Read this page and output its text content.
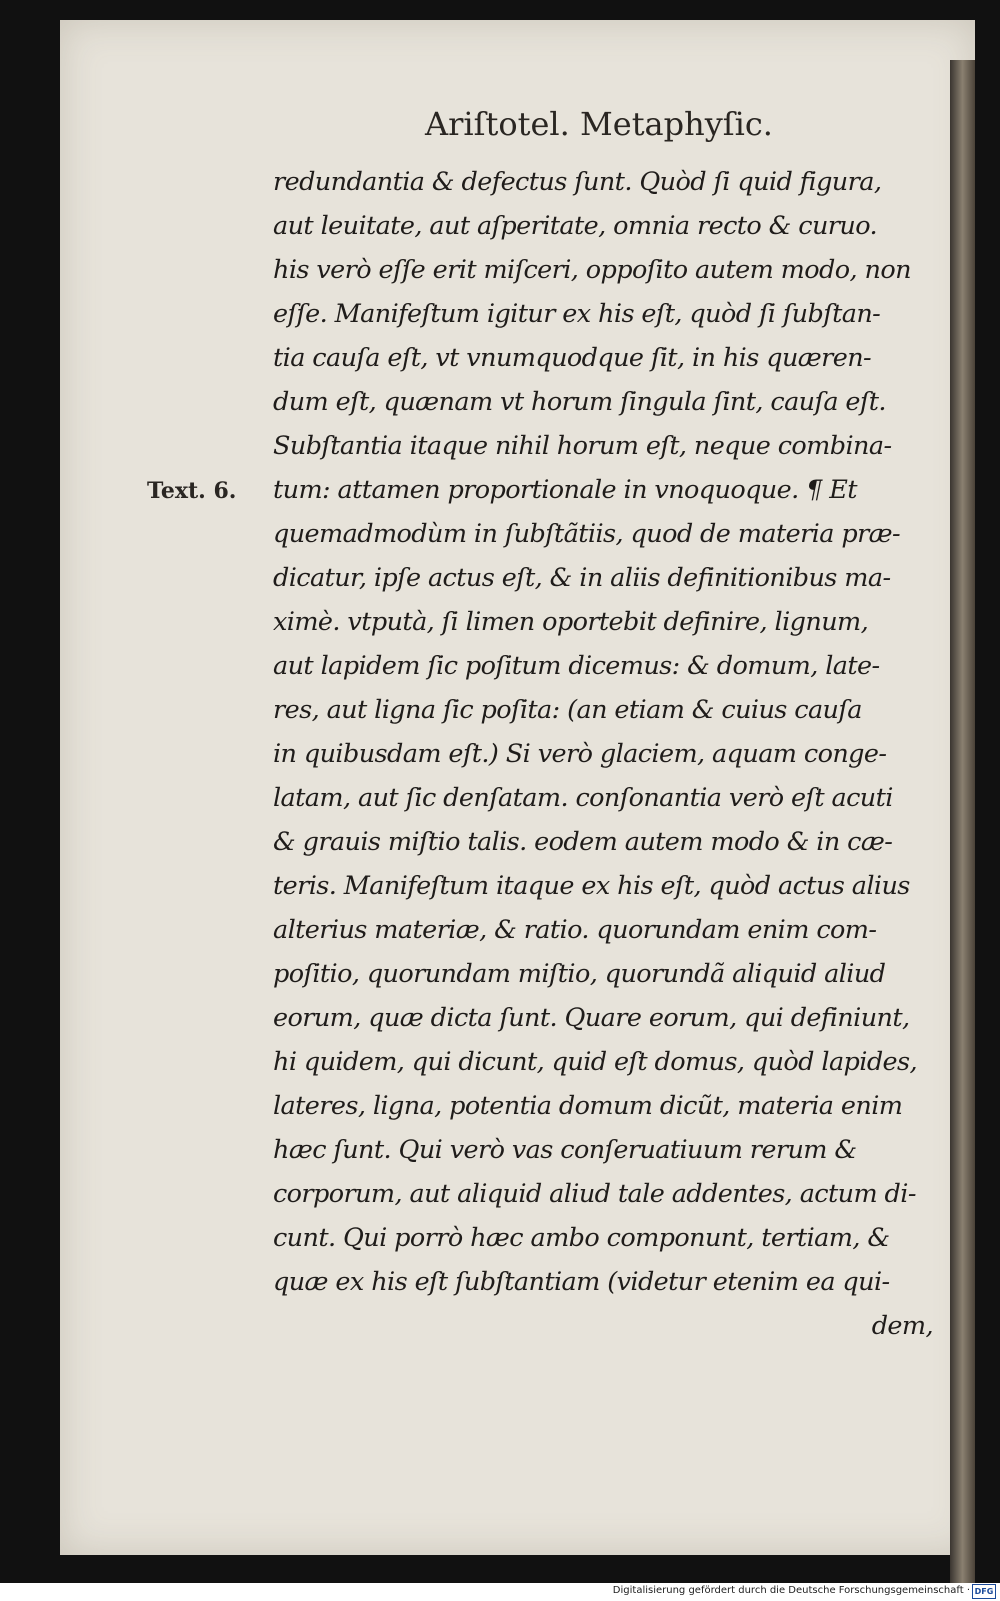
Ariſtotel. Metaphyſic.
Text. 6.
redundantia & defectus ſunt. Quòd ſi quid figura,
aut leuitate, aut aſperitate, omnia recto & curuo.
his verò eſſe erit miſceri, oppoſito autem modo, non
eſſe. Manifeſtum igitur ex his eſt, quòd ſi ſubſtan-
tia cauſa eſt, vt vnumquodque ſit, in his quæren-
dum eſt, quænam vt horum ſingula ſint, cauſa eſt.
Subſtantia itaque nihil horum eſt, neque combina-
tum: attamen proportionale in vnoquoque. ¶ Et
quemadmodùm in ſubſtãtiis, quod de materia præ-
dicatur, ipſe actus eſt, & in aliis definitionibus ma-
ximè. vtputà, ſi limen oportebit definire, lignum,
aut lapidem ſic poſitum dicemus: & domum, late-
res, aut ligna ſic poſita: (an etiam & cuius cauſa
in quibusdam eſt.) Si verò glaciem, aquam conge-
latam, aut ſic denſatam. conſonantia verò eſt acuti
& grauis miſtio talis. eodem autem modo & in cæ-
teris. Manifeſtum itaque ex his eſt, quòd actus alius
alterius materiæ, & ratio. quorundam enim com-
poſitio, quorundam miſtio, quorundã aliquid aliud
eorum, quæ dicta ſunt. Quare eorum, qui definiunt,
hi quidem, qui dicunt, quid eſt domus, quòd lapides,
lateres, ligna, potentia domum dicũt, materia enim
hæc ſunt. Qui verò vas conſeruatiuum rerum &
corporum, aut aliquid aliud tale addentes, actum di-
cunt. Qui porrò hæc ambo componunt, tertiam, &
quæ ex his eſt ſubſtantiam (videtur etenim ea qui-
dem,
Digitalisierung gefördert durch die Deutsche Forschungsgemeinschaft · DFG
